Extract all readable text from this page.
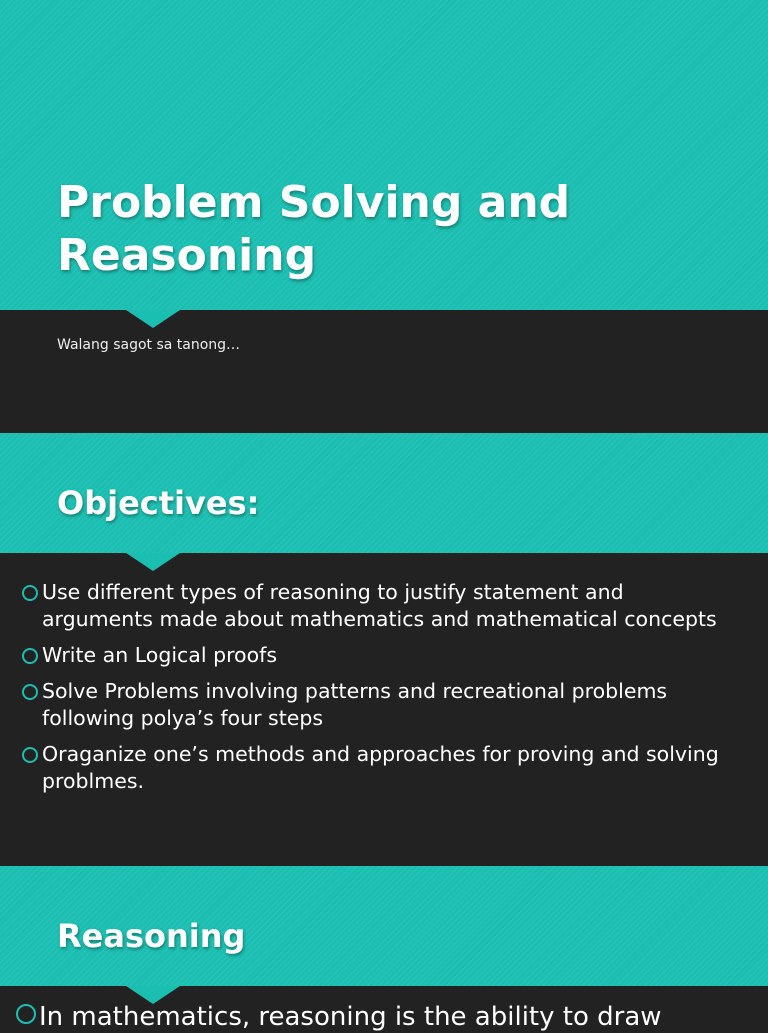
Problem Solving and
Reasoning

Walang sagot sa tanong…

Objectives:
Use different types of reasoning to justify statement and arguments made about mathematics and mathematical concepts
Write an Logical proofs
Solve Problems involving patterns and recreational problems following polya’s four steps
Oraganize one’s methods and approaches for proving and solving problmes.
Reasoning
In mathematics, reasoning is the ability to draw
